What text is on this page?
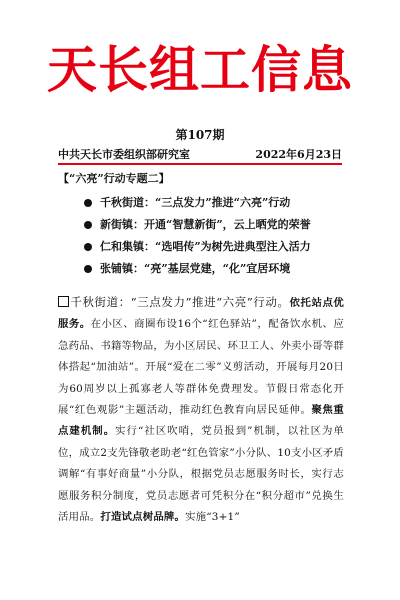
天长组工信息
第107期
中共天长市委组织部研究室	2022年6月23日
【“六亮”行动专题二】
千秋街道：“三点发力”推进“六亮”行动
新街镇：开通“智慧新街”，云上晒党的荣誉
仁和集镇：“选唱传”为树先进典型注入活力
张铺镇：“亮”基层党建，“化”宜居环境
千秋街道：“三点发力”推进“六亮”行动。依托站点优服务。在小区、商圈布设16个“红色驿站”，配备饮水机、应急药品、书籍等物品，为小区居民、环卫工人、外卖小哥等群体搭起“加油站”。开展“爱在二零”义剪活动，开展每月20日为60周岁以上孤寡老人等群体免费理发。节假日常态化开展“红色观影”主题活动，推动红色教育向居民延伸。聚焦重点建机制。实行“社区吹哨，党员报到”机制，以社区为单位，成立2支先锋敬老助老“红色管家”小分队、10支小区矛盾调解“有事好商量”小分队，根据党员志愿服务时长，实行志愿服务积分制度，党员志愿者可凭积分在“积分超市”兑换生活用品。打造试点树品牌。实施“3+1”
